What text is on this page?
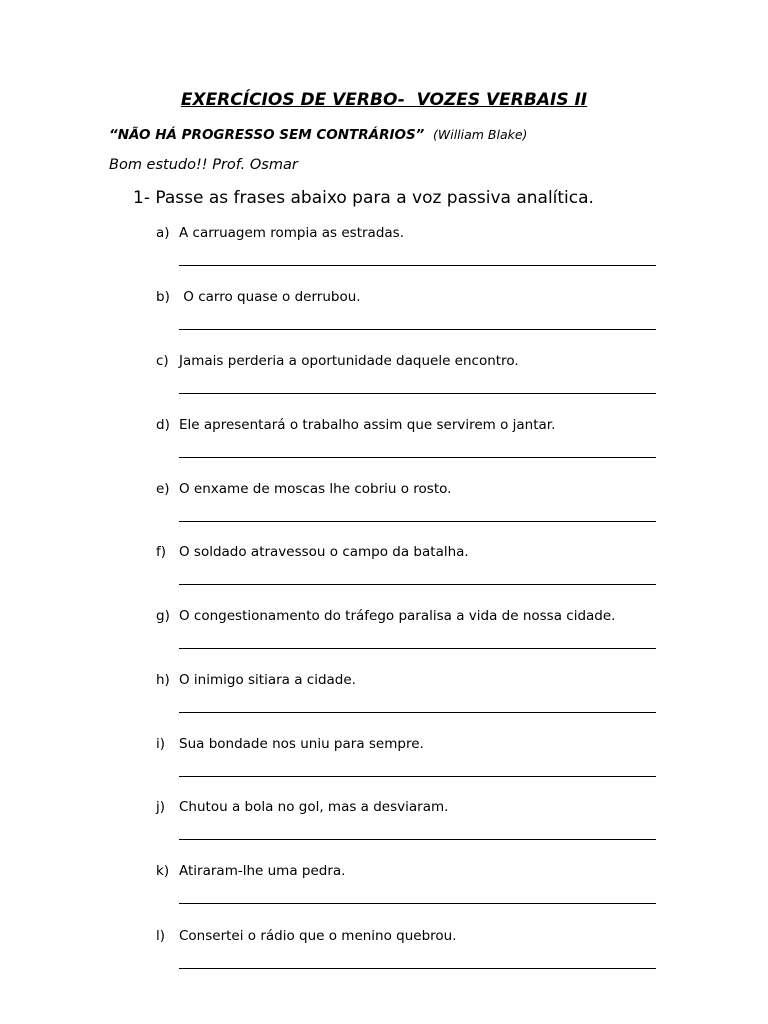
EXERCÍCIOS DE VERBO-  VOZES VERBAIS II
“NÃO HÁ PROGRESSO SEM CONTRÁRIOS” (William Blake)
Bom estudo!! Prof. Osmar
1- Passe as frases abaixo para a voz passiva analítica.
a) A carruagem rompia as estradas.
b) O carro quase o derrubou.
c) Jamais perderia a oportunidade daquele encontro.
d) Ele apresentará o trabalho assim que servirem o jantar.
e) O enxame de moscas lhe cobriu o rosto.
f) O soldado atravessou o campo da batalha.
g) O congestionamento do tráfego paralisa a vida de nossa cidade.
h) O inimigo sitiara a cidade.
i) Sua bondade nos uniu para sempre.
j) Chutou a bola no gol, mas a desviaram.
k) Atiraram-lhe uma pedra.
l) Consertei o rádio que o menino quebrou.
